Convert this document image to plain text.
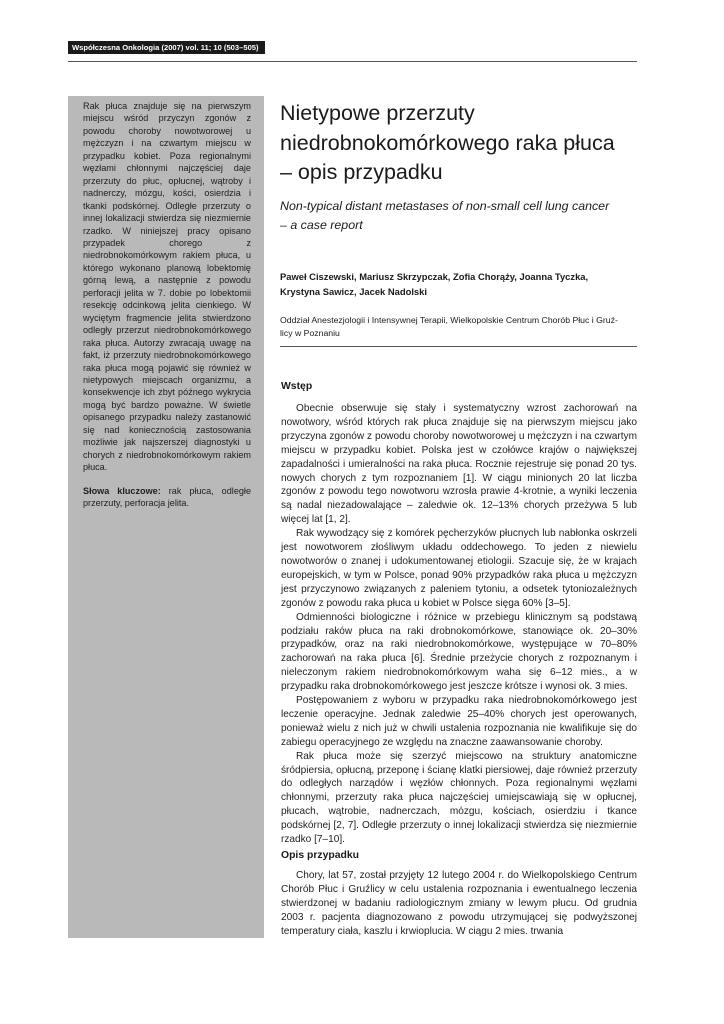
Współczesna Onkologia (2007) vol. 11; 10 (503–505)

Rak płuca znajduje się na pierwszym miejscu wśród przyczyn zgonów z powodu choroby nowotworowej u mężczyzn i na czwartym miejscu w przypadku kobiet. Poza regionalnymi węzłami chłonnymi najczęściej daje przerzuty do płuc, opłucnej, wątroby i nadnerczy, mózgu, kości, osierdzia i tkanki podskórnej. Odległe przerzuty o innej lokalizacji stwierdza się niezmiernie rzadko. W niniejszej pracy opisano przypadek chorego z niedrobnokomórkowym rakiem płuca, u którego wykonano planową lobektomię górną lewą, a następnie z powodu perforacji jelita w 7. dobie po lobektomii resekcję odcinkową jelita cienkiego. W wyciętym fragmencie jelita stwierdzono odległy przerzut niedrobnokomórkowego raka płuca. Autorzy zwracają uwagę na fakt, iż przerzuty niedrobnokomórkowego raka płuca mogą pojawić się również w nietypowych miejscach organizmu, a konsekwencje ich zbyt późnego wykrycia mogą być bardzo poważne. W świetle opisanego przypadku należy zastanowić się nad koniecznością zastosowania możliwie jak najszerszej diagnostyki u chorych z niedrobnokomórkowym rakiem płuca.

Słowa kluczowe: rak płuca, odległe przerzuty, perforacja jelita.

Nietypowe przerzuty
niedrobnokomórkowego raka płuca
– opis przypadku
Non-typical distant metastases of non-small cell lung cancer
– a case report
Paweł Ciszewski, Mariusz Skrzypczak, Zofia Chorąży, Joanna Tyczka,
Krystyna Sawicz, Jacek Nadolski
Oddział Anestezjologii i Intensywnej Terapii, Wielkopolskie Centrum Chorób Płuc i Gruź-
licy w Poznaniu
Wstęp

Obecnie obserwuje się stały i systematyczny wzrost zachorowań na nowotwory, wśród których rak płuca znajduje się na pierwszym miejscu jako przyczyna zgonów z powodu choroby nowotworowej u mężczyzn i na czwartym miejscu w przypadku kobiet. Polska jest w czołówce krajów o największej zapadalności i umieralności na raka płuca. Rocznie rejestruje się ponad 20 tys. nowych chorych z tym rozpoznaniem [1]. W ciągu minionych 20 lat liczba zgonów z powodu tego nowotworu wzrosła prawie 4-krotnie, a wyniki leczenia są nadal niezadowalające – zaledwie ok. 12–13% chorych przeżywa 5 lub więcej lat [1, 2].

Rak wywodzący się z komórek pęcherzyków płucnych lub nabłonka oskrzeli jest nowotworem złośliwym układu oddechowego. To jeden z niewielu nowotworów o znanej i udokumentowanej etiologii. Szacuje się, że w krajach europejskich, w tym w Polsce, ponad 90% przypadków raka płuca u mężczyzn jest przyczynowo związanych z paleniem tytoniu, a odsetek tytoniozależnych zgonów z powodu raka płuca u kobiet w Polsce sięga 60% [3–5].

Odmienności biologiczne i różnice w przebiegu klinicznym są podstawą podziału raków płuca na raki drobnokomórkowe, stanowiące ok. 20–30% przypadków, oraz na raki niedrobnokomórkowe, występujące w 70–80% zachorowań na raka płuca [6]. Średnie przeżycie chorych z rozpoznanym i nieleczonym rakiem niedrobnokomórkowym waha się 6–12 mies., a w przypadku raka drobnokomórkowego jest jeszcze krótsze i wynosi ok. 3 mies.

Postępowaniem z wyboru w przypadku raka niedrobnokomórkowego jest leczenie operacyjne. Jednak zaledwie 25–40% chorych jest operowanych, ponieważ wielu z nich już w chwili ustalenia rozpoznania nie kwalifikuje się do zabiegu operacyjnego ze względu na znaczne zaawansowanie choroby.

Rak płuca może się szerzyć miejscowo na struktury anatomiczne śródpiersia, opłucną, przeponę i ścianę klatki piersiowej, daje również przerzuty do odległych narządów i węzłów chłonnych. Poza regionalnymi węzłami chłonnymi, przerzuty raka płuca najczęściej umiejscawiają się w opłucnej, płucach, wątrobie, nadnerczach, mózgu, kościach, osierdziu i tkance podskórnej [2, 7]. Odległe przerzuty o innej lokalizacji stwierdza się niezmiernie rzadko [7–10].

Opis przypadku

Chory, lat 57, został przyjęty 12 lutego 2004 r. do Wielkopolskiego Centrum Chorób Płuc i Gruźlicy w celu ustalenia rozpoznania i ewentualnego leczenia stwierdzonej w badaniu radiologicznym zmiany w lewym płucu. Od grudnia 2003 r. pacjenta diagnozowano z powodu utrzymującej się podwyższonej temperatury ciała, kaszlu i krwioplucia. W ciągu 2 mies. trwania
